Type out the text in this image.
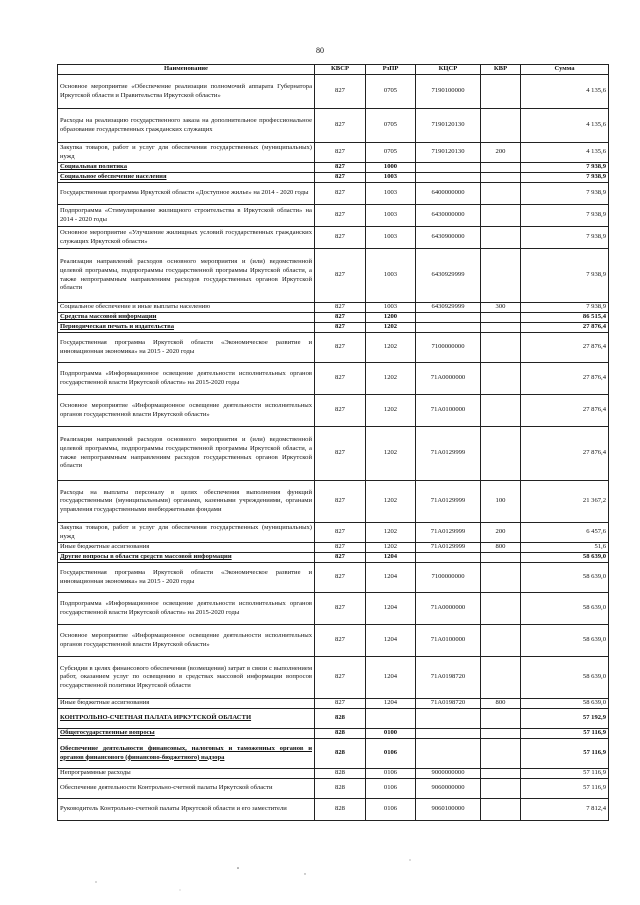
80
Наименование	КВСР	РзПР	КЦСР	КВР	Сумма
Основное мероприятие «Обеспечение реализации полномочий аппарата Губернатора Иркутской области и Правительства Иркутской области»	827	0705	7190100000		4 135,6
Расходы на реализацию государственного заказа на дополнительное профессиональное образование государственных гражданских служащих	827	0705	7190120130		4 135,6
Закупка товаров, работ и услуг для обеспечения государственных (муниципальных) нужд	827	0705	7190120130	200	4 135,6
Социальная политика	827	1000			7 938,9
Социальное обеспечение населения	827	1003			7 938,9
Государственная программа Иркутской области «Доступное жилье» на 2014 - 2020 годы	827	1003	6400000000		7 938,9
Подпрограмма «Стимулирование жилищного строительства в Иркутской области» на 2014 - 2020 годы	827	1003	6430000000		7 938,9
Основное мероприятие «Улучшение жилищных условий государственных гражданских служащих Иркутской области»	827	1003	6430900000		7 938,9
Реализация направлений расходов основного мероприятия и (или) ведомственной целевой программы, подпрограммы государственной программы Иркутской области, а также непрограммным направлениям расходов государственных органов Иркутской области	827	1003	6430929999		7 938,9
Социальное обеспечение и иные выплаты населению	827	1003	6430929999	300	7 938,9
Средства массовой информации	827	1200			86 515,4
Периодическая печать и издательства	827	1202			27 876,4
Государственная программа Иркутской области «Экономическое развитие и инновационная экономика» на 2015 - 2020 годы	827	1202	7100000000		27 876,4
Подпрограмма «Информационное освещение деятельности исполнительных органов государственной власти Иркутской области» на 2015-2020 годы	827	1202	71А0000000		27 876,4
Основное мероприятие «Информационное освещение деятельности исполнительных органов государственной власти Иркутской области»	827	1202	71А0100000		27 876,4
Реализация направлений расходов основного мероприятия и (или) ведомственной целевой программы, подпрограммы государственной программы Иркутской области, а также непрограммным направлениям расходов государственных органов Иркутской области	827	1202	71А0129999		27 876,4
Расходы на выплаты персоналу в целях обеспечения выполнения функций государственными (муниципальными) органами, казенными учреждениями, органами управления государственными внебюджетными фондами	827	1202	71А0129999	100	21 367,2
Закупка товаров, работ и услуг для обеспечения государственных (муниципальных) нужд	827	1202	71А0129999	200	6 457,6
Иные бюджетные ассигнования	827	1202	71А0129999	800	51,6
Другие вопросы в области средств массовой информации	827	1204			58 639,0
Государственная программа Иркутской области «Экономическое развитие и инновационная экономика» на 2015 - 2020 годы	827	1204	7100000000		58 639,0
Подпрограмма «Информационное освещение деятельности исполнительных органов государственной власти Иркутской области» на 2015-2020 годы	827	1204	71А0000000		58 639,0
Основное мероприятие «Информационное освещение деятельности исполнительных органов государственной власти Иркутской области»	827	1204	71А0100000		58 639,0
Субсидии в целях финансового обеспечения (возмещения) затрат в связи с выполнением работ, оказанием услуг по освещению в средствах массовой информации вопросов государственной политики Иркутской области	827	1204	71А0198720		58 639,0
Иные бюджетные ассигнования	827	1204	71А0198720	800	58 639,0
КОНТРОЛЬНО-СЧЕТНАЯ ПАЛАТА ИРКУТСКОЙ ОБЛАСТИ	828				57 192,9
Общегосударственные вопросы	828	0100			57 116,9
Обеспечение деятельности финансовых, налоговых и таможенных органов и органов финансового (финансово-бюджетного) надзора	828	0106			57 116,9
Непрограммные расходы	828	0106	9000000000		57 116,9
Обеспечение деятельности Контрольно-счетной палаты Иркутской области	828	0106	9060000000		57 116,9
Руководитель Контрольно-счетной палаты Иркутской области и его заместители	828	0106	9060100000		7 812,4
